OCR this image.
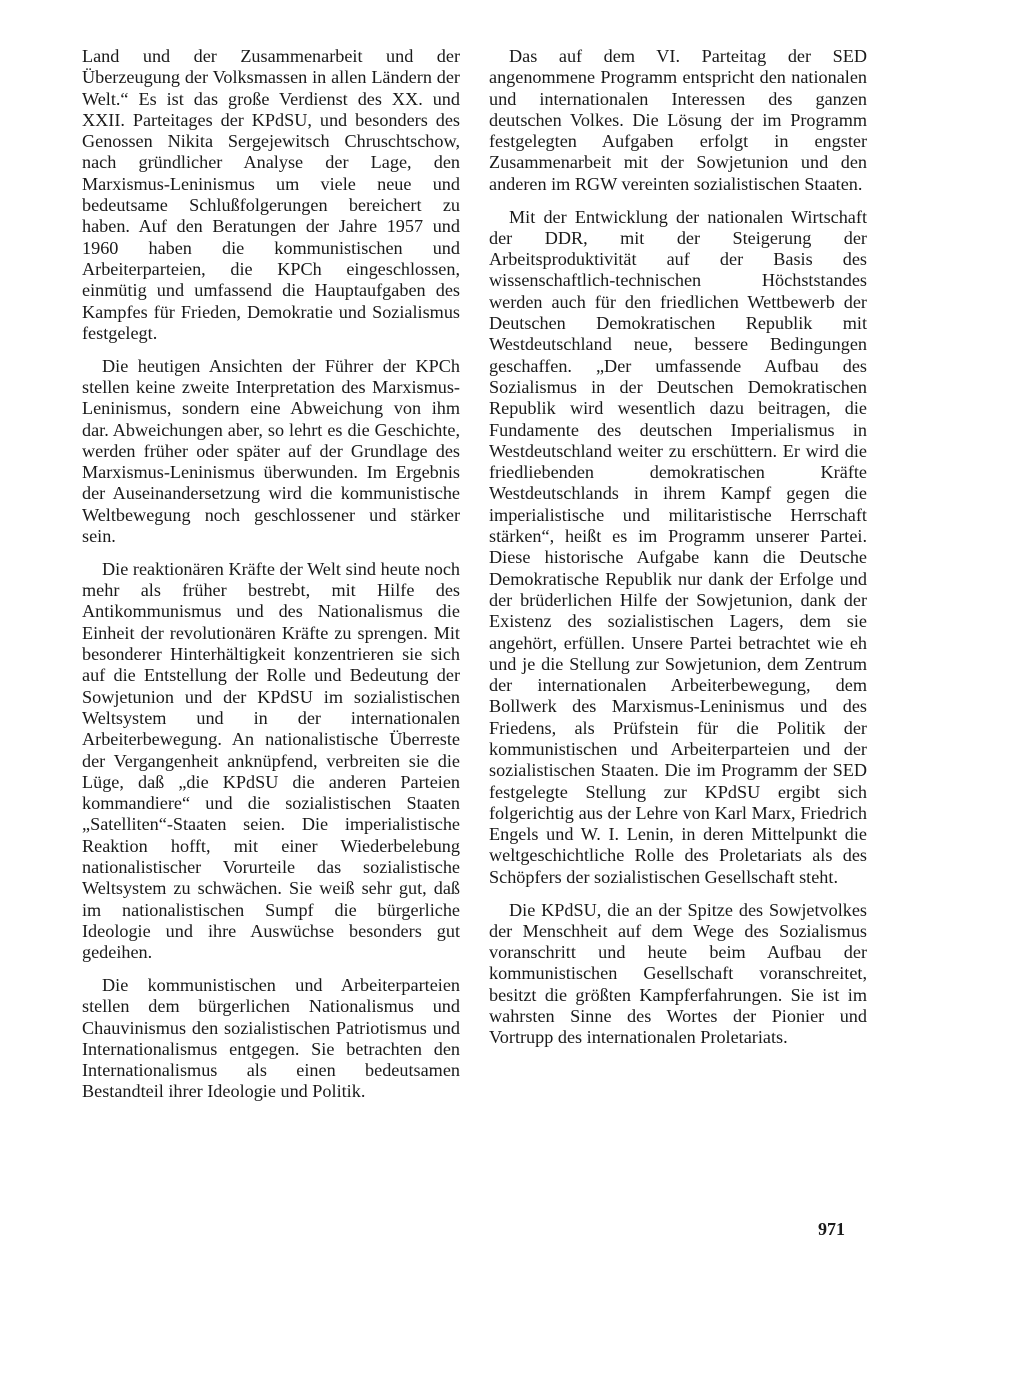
Land und der Zusammenarbeit und der Überzeugung der Volksmassen in allen Ländern der Welt.“ Es ist das große Verdienst des XX. und XXII. Parteitages der KPdSU, und besonders des Genossen Nikita Sergejewitsch Chruschtschow, nach gründlicher Analyse der Lage, den Marxismus-Leninismus um viele neue und bedeutsame Schlußfolgerungen bereichert zu haben. Auf den Beratungen der Jahre 1957 und 1960 haben die kommunistischen und Arbeiterparteien, die KPCh eingeschlossen, einmütig und umfassend die Hauptaufgaben des Kampfes für Frieden, Demokratie und Sozialismus festgelegt.

Die heutigen Ansichten der Führer der KPCh stellen keine zweite Interpretation des Marxismus-Leninismus, sondern eine Abweichung von ihm dar. Abweichungen aber, so lehrt es die Geschichte, werden früher oder später auf der Grundlage des Marxismus-Leninismus überwunden. Im Ergebnis der Auseinandersetzung wird die kommunistische Weltbewegung noch geschlossener und stärker sein.

Die reaktionären Kräfte der Welt sind heute noch mehr als früher bestrebt, mit Hilfe des Antikommunismus und des Nationalismus die Einheit der revolutionären Kräfte zu sprengen. Mit besonderer Hinterhältigkeit konzentrieren sie sich auf die Entstellung der Rolle und Bedeutung der Sowjetunion und der KPdSU im sozialistischen Weltsystem und in der internationalen Arbeiterbewegung. An nationalistische Überreste der Vergangenheit anknüpfend, verbreiten sie die Lüge, daß „die KPdSU die anderen Parteien kommandiere“ und die sozialistischen Staaten „Satelliten“-Staaten seien. Die imperialistische Reaktion hofft, mit einer Wiederbelebung nationalistischer Vorurteile das sozialistische Weltsystem zu schwächen. Sie weiß sehr gut, daß im nationalistischen Sumpf die bürgerliche Ideologie und ihre Auswüchse besonders gut gedeihen.

Die kommunistischen und Arbeiterparteien stellen dem bürgerlichen Nationalismus und Chauvinismus den sozialistischen Patriotismus und Internationalismus entgegen. Sie betrachten den Internationalismus als einen bedeutsamen Bestandteil ihrer Ideologie und Politik.

Das auf dem VI. Parteitag der SED angenommene Programm entspricht den nationalen und internationalen Interessen des ganzen deutschen Volkes. Die Lösung der im Programm festgelegten Aufgaben erfolgt in engster Zusammenarbeit mit der Sowjetunion und den anderen im RGW vereinten sozialistischen Staaten.

Mit der Entwicklung der nationalen Wirtschaft der DDR, mit der Steigerung der Arbeitsproduktivität auf der Basis des wissenschaftlich-technischen Höchststandes werden auch für den friedlichen Wettbewerb der Deutschen Demokratischen Republik mit Westdeutschland neue, bessere Bedingungen geschaffen. „Der umfassende Aufbau des Sozialismus in der Deutschen Demokratischen Republik wird wesentlich dazu beitragen, die Fundamente des deutschen Imperialismus in Westdeutschland weiter zu erschüttern. Er wird die friedliebenden demokratischen Kräfte Westdeutschlands in ihrem Kampf gegen die imperialistische und militaristische Herrschaft stärken“, heißt es im Programm unserer Partei. Diese historische Aufgabe kann die Deutsche Demokratische Republik nur dank der Erfolge und der brüderlichen Hilfe der Sowjetunion, dank der Existenz des sozialistischen Lagers, dem sie angehört, erfüllen. Unsere Partei betrachtet wie eh und je die Stellung zur Sowjetunion, dem Zentrum der internationalen Arbeiterbewegung, dem Bollwerk des Marxismus-Leninismus und des Friedens, als Prüfstein für die Politik der kommunistischen und Arbeiterparteien und der sozialistischen Staaten. Die im Programm der SED festgelegte Stellung zur KPdSU ergibt sich folgerichtig aus der Lehre von Karl Marx, Friedrich Engels und W. I. Lenin, in deren Mittelpunkt die weltgeschichtliche Rolle des Proletariats als des Schöpfers der sozialistischen Gesellschaft steht.

Die KPdSU, die an der Spitze des Sowjetvolkes der Menschheit auf dem Wege des Sozialismus voranschritt und heute beim Aufbau der kommunistischen Gesellschaft voranschreitet, besitzt die größten Kampferfahrungen. Sie ist im wahrsten Sinne des Wortes der Pionier und Vortrupp des internationalen Proletariats.

971
